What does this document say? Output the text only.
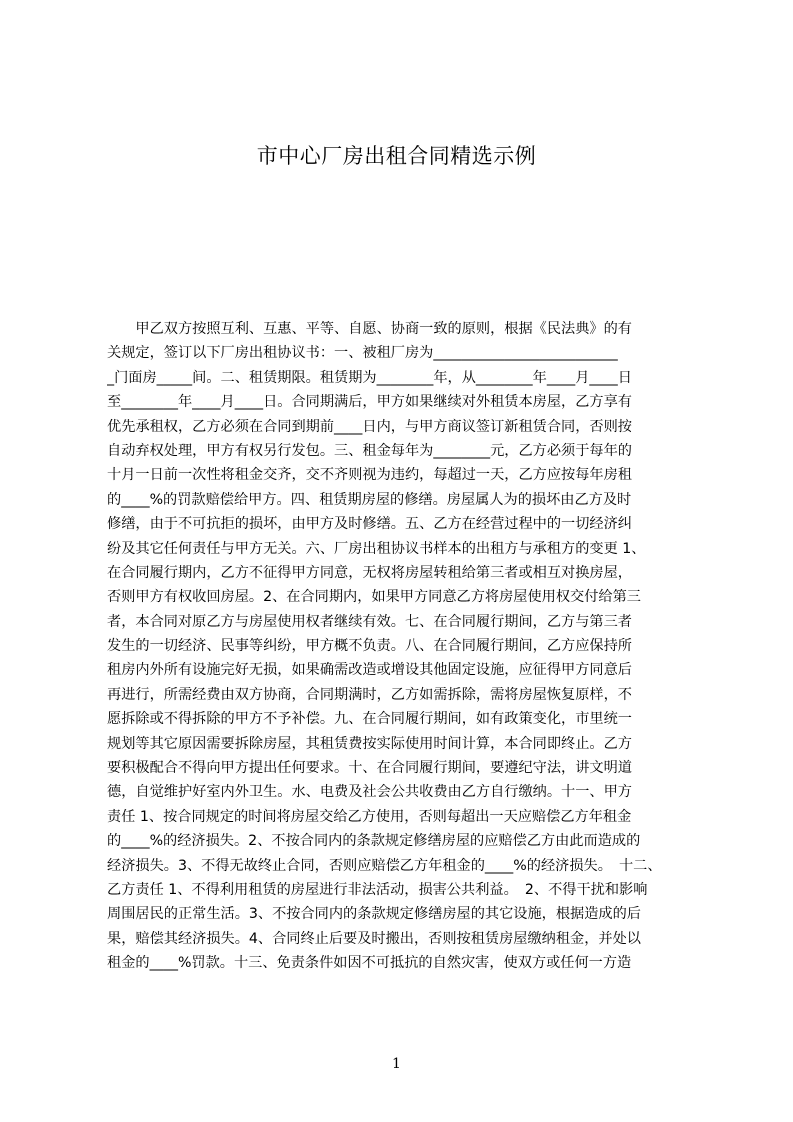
市中心厂房出租合同精选示例
　　甲乙双方按照互利、互惠、平等、自愿、协商一致的原则，根据《民法典》的有
关规定，签订以下厂房出租协议书：一、被租厂房为__________________________
_门面房_____间。二、租赁期限。租赁期为________年，从________年____月____日
至________年____月____日。合同期满后，甲方如果继续对外租赁本房屋，乙方享有
优先承租权，乙方必须在合同到期前____日内，与甲方商议签订新租赁合同，否则按
自动弃权处理，甲方有权另行发包。三、租金每年为________元，乙方必须于每年的
十月一日前一次性将租金交齐，交不齐则视为违约，每超过一天，乙方应按每年房租
的____%的罚款赔偿给甲方。四、租赁期房屋的修缮。房屋属人为的损坏由乙方及时
修缮，由于不可抗拒的损坏，由甲方及时修缮。五、乙方在经营过程中的一切经济纠
纷及其它任何责任与甲方无关。六、厂房出租协议书样本的出租方与承租方的变更 1、
在合同履行期内，乙方不征得甲方同意，无权将房屋转租给第三者或相互对换房屋，
否则甲方有权收回房屋。2、在合同期内，如果甲方同意乙方将房屋使用权交付给第三
者，本合同对原乙方与房屋使用权者继续有效。七、在合同履行期间，乙方与第三者
发生的一切经济、民事等纠纷，甲方概不负责。八、在合同履行期间，乙方应保持所
租房内外所有设施完好无损，如果确需改造或增设其他固定设施，应征得甲方同意后
再进行，所需经费由双方协商，合同期满时，乙方如需拆除，需将房屋恢复原样，不
愿拆除或不得拆除的甲方不予补偿。九、在合同履行期间，如有政策变化，市里统一
规划等其它原因需要拆除房屋，其租赁费按实际使用时间计算，本合同即终止。乙方
要积极配合不得向甲方提出任何要求。十、在合同履行期间，要遵纪守法，讲文明道
德，自觉维护好室内外卫生。水、电费及社会公共收费由乙方自行缴纳。十一、甲方
责任 1、按合同规定的时间将房屋交给乙方使用，否则每超出一天应赔偿乙方年租金
的____%的经济损失。2、不按合同内的条款规定修缮房屋的应赔偿乙方由此而造成的
经济损失。3、不得无故终止合同，否则应赔偿乙方年租金的____%的经济损失。　十二、
乙方责任 1、不得利用租赁的房屋进行非法活动，损害公共利益。　2、不得干扰和影响
周围居民的正常生活。3、不按合同内的条款规定修缮房屋的其它设施，根据造成的后
果，赔偿其经济损失。4、合同终止后要及时搬出，否则按租赁房屋缴纳租金，并处以
租金的____%罚款。十三、免责条件如因不可抵抗的自然灾害，使双方或任何一方造
1
